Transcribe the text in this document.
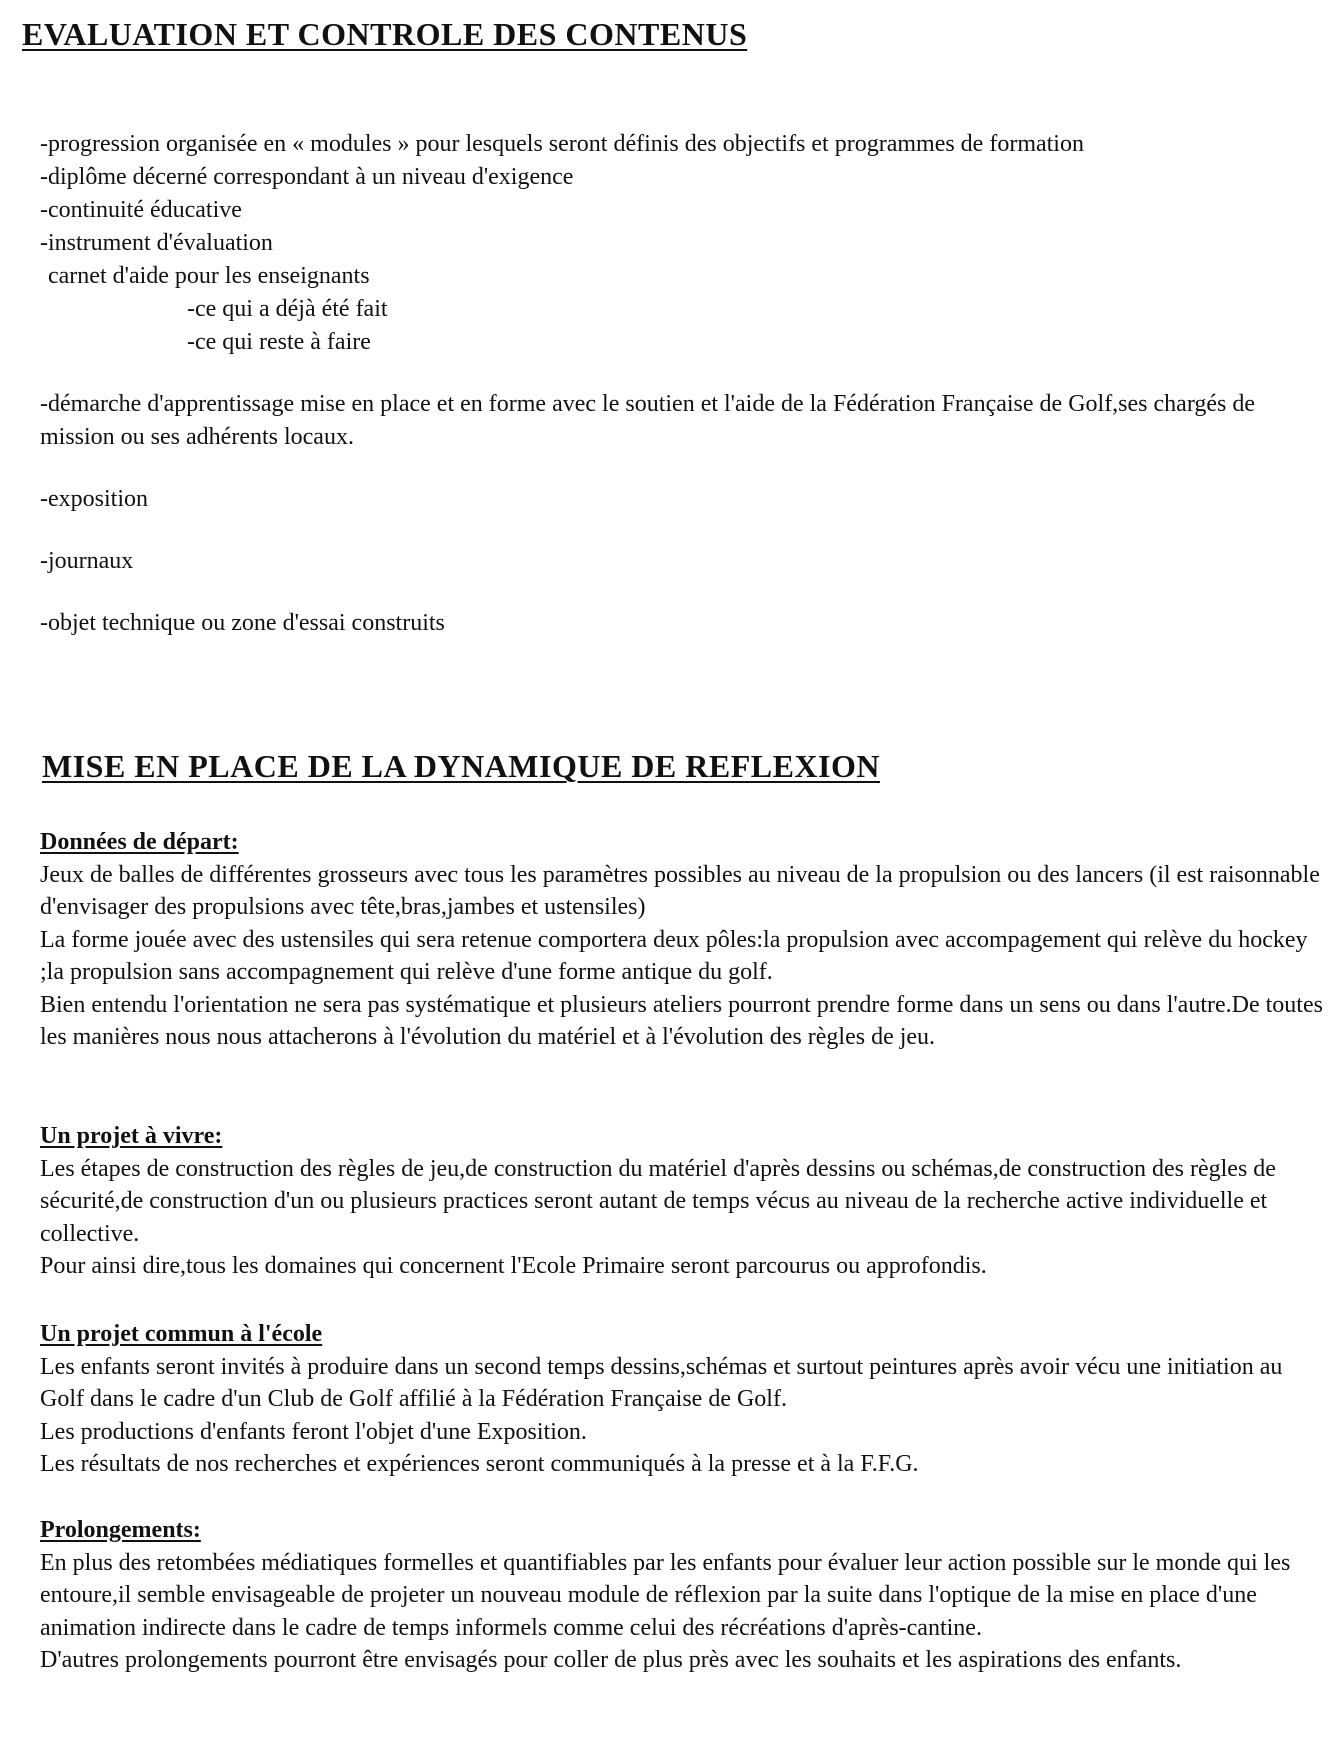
EVALUATION ET CONTROLE DES CONTENUS
-progression organisée en « modules » pour lesquels seront définis des objectifs et programmes de formation
-diplôme décerné correspondant à un niveau d'exigence
-continuité éducative
-instrument d'évaluation
carnet d'aide pour les enseignants
-ce qui a déjà été fait
-ce qui reste à faire
-démarche d'apprentissage mise en place et en forme avec le soutien et l'aide de la Fédération Française de Golf,ses chargés de mission ou ses adhérents locaux.
-exposition
-journaux
-objet technique ou zone d'essai construits
MISE EN PLACE DE LA DYNAMIQUE DE REFLEXION
Données de départ:
Jeux de balles de différentes grosseurs avec tous les paramètres possibles au niveau de la propulsion ou des lancers (il est raisonnable d'envisager des propulsions avec tête,bras,jambes et ustensiles)
La forme jouée avec des ustensiles qui sera retenue comportera deux pôles:la propulsion avec accompagement qui relève du hockey ;la propulsion sans accompagnement qui relève d'une forme antique du golf.
Bien entendu l'orientation ne sera pas systématique et plusieurs ateliers pourront prendre forme dans un sens ou dans l'autre.De toutes les manières nous nous attacherons à l'évolution du matériel et à l'évolution des règles de jeu.
Un projet à vivre:
Les étapes de construction des règles de jeu,de construction du matériel d'après dessins ou schémas,de construction des règles de sécurité,de construction d'un ou plusieurs practices seront autant de temps vécus au niveau de la recherche active individuelle et collective.
Pour ainsi dire,tous les domaines qui concernent l'Ecole Primaire seront parcourus ou approfondis.
Un projet commun à l'école
Les enfants seront invités à produire dans un second temps dessins,schémas et surtout peintures après avoir vécu une initiation au Golf dans le cadre d'un Club de Golf affilié à la Fédération Française de Golf.
Les productions d'enfants feront l'objet d'une Exposition.
Les résultats de nos recherches et expériences seront communiqués à la presse et à la F.F.G.
Prolongements:
En plus des retombées médiatiques formelles et quantifiables par les enfants pour évaluer leur action possible sur le monde qui les entoure,il semble envisageable de projeter un nouveau module de réflexion par la suite dans l'optique de la mise en place d'une animation indirecte dans le cadre de temps informels comme celui des récréations d'après-cantine.
D'autres prolongements pourront être envisagés pour coller de plus près avec les souhaits et les aspirations des enfants.
